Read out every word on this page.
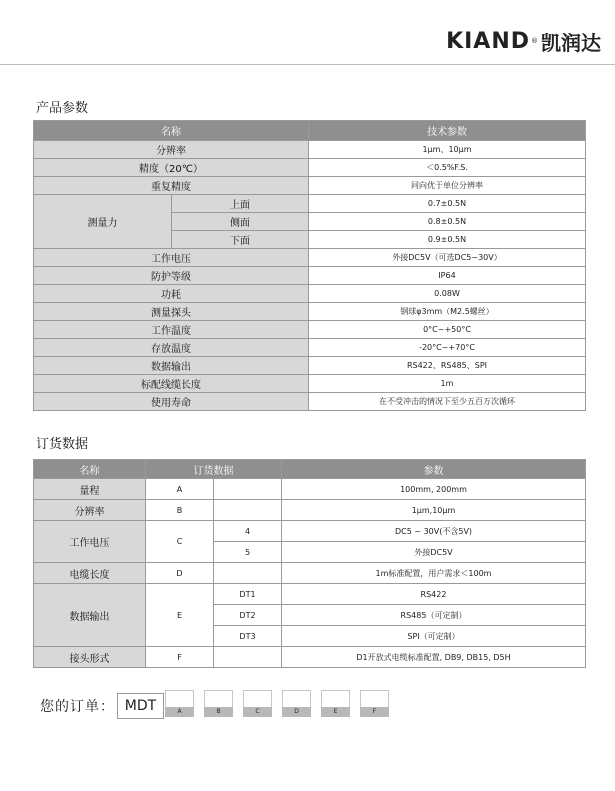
KIAND ® 凯润达
产品参数
名称		技术参数
分辨率		1μm、10μm
精度（20℃）		＜0.5%F.S.
重复精度		同向优于单位分辨率
测量力	上面	0.7±0.5N
	侧面	0.8±0.5N
	下面	0.9±0.5N
工作电压		外接DC5V（可选DC5~30V）
防护等级		IP64
功耗		0.08W
测量探头		钢球φ3mm（M2.5螺丝）
工作温度		0°C~+50°C
存放温度		-20°C~+70°C
数据输出		RS422、RS485、SPI
标配线缆长度		1m
使用寿命		在不受冲击的情况下至少五百万次循环
订货数据
名称	订货数据		参数
量程	A		100mm, 200mm
分辨率	B		1μm,10μm
工作电压	C	4	DC5 ~ 30V(不含5V)
		5	外接DC5V
电缆长度	D		1m标准配置，用户需求＜100m
数据输出	E	DT1	RS422
		DT2	RS485（可定制）
		DT3	SPI（可定制）
接头形式	F		D1开放式电缆标准配置, DB9, DB15, D5H
您的订单： MDT	A	B	C	D	E	F
